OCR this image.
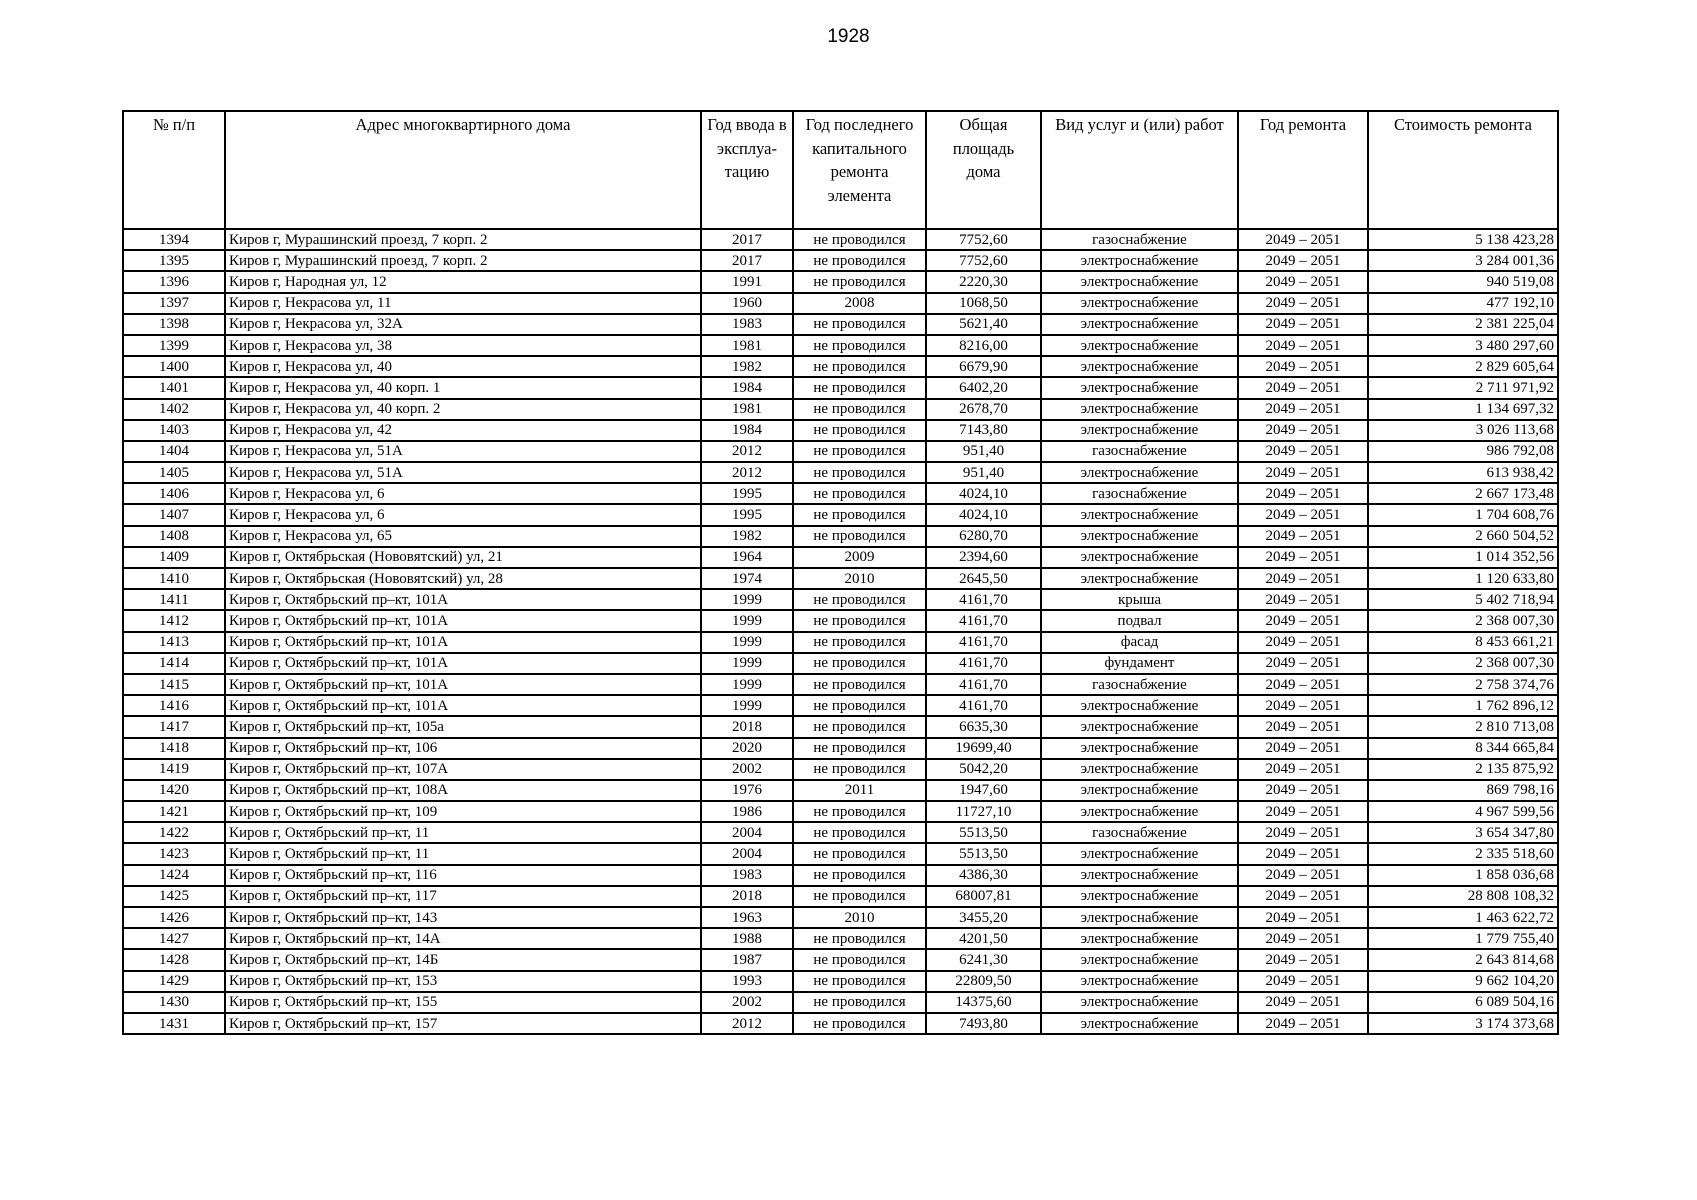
1928
№ п/п	Адрес многоквартирного дома	Год ввода в эксплуа-тацию	Год последнего капитального ремонта элемента	Общая площадь дома	Вид услуг и (или) работ	Год ремонта	Стоимость ремонта
1394	Киров г, Мурашинский проезд, 7 корп. 2	2017	не проводился	7752,60	газоснабжение	2049 – 2051	5 138 423,28
1395	Киров г, Мурашинский проезд, 7 корп. 2	2017	не проводился	7752,60	электроснабжение	2049 – 2051	3 284 001,36
1396	Киров г, Народная ул, 12	1991	не проводился	2220,30	электроснабжение	2049 – 2051	940 519,08
1397	Киров г, Некрасова ул, 11	1960	2008	1068,50	электроснабжение	2049 – 2051	477 192,10
1398	Киров г, Некрасова ул, 32А	1983	не проводился	5621,40	электроснабжение	2049 – 2051	2 381 225,04
1399	Киров г, Некрасова ул, 38	1981	не проводился	8216,00	электроснабжение	2049 – 2051	3 480 297,60
1400	Киров г, Некрасова ул, 40	1982	не проводился	6679,90	электроснабжение	2049 – 2051	2 829 605,64
1401	Киров г, Некрасова ул, 40 корп. 1	1984	не проводился	6402,20	электроснабжение	2049 – 2051	2 711 971,92
1402	Киров г, Некрасова ул, 40 корп. 2	1981	не проводился	2678,70	электроснабжение	2049 – 2051	1 134 697,32
1403	Киров г, Некрасова ул, 42	1984	не проводился	7143,80	электроснабжение	2049 – 2051	3 026 113,68
1404	Киров г, Некрасова ул, 51А	2012	не проводился	951,40	газоснабжение	2049 – 2051	986 792,08
1405	Киров г, Некрасова ул, 51А	2012	не проводился	951,40	электроснабжение	2049 – 2051	613 938,42
1406	Киров г, Некрасова ул, 6	1995	не проводился	4024,10	газоснабжение	2049 – 2051	2 667 173,48
1407	Киров г, Некрасова ул, 6	1995	не проводился	4024,10	электроснабжение	2049 – 2051	1 704 608,76
1408	Киров г, Некрасова ул, 65	1982	не проводился	6280,70	электроснабжение	2049 – 2051	2 660 504,52
1409	Киров г, Октябрьская (Нововятский) ул, 21	1964	2009	2394,60	электроснабжение	2049 – 2051	1 014 352,56
1410	Киров г, Октябрьская (Нововятский) ул, 28	1974	2010	2645,50	электроснабжение	2049 – 2051	1 120 633,80
1411	Киров г, Октябрьский пр–кт, 101А	1999	не проводился	4161,70	крыша	2049 – 2051	5 402 718,94
1412	Киров г, Октябрьский пр–кт, 101А	1999	не проводился	4161,70	подвал	2049 – 2051	2 368 007,30
1413	Киров г, Октябрьский пр–кт, 101А	1999	не проводился	4161,70	фасад	2049 – 2051	8 453 661,21
1414	Киров г, Октябрьский пр–кт, 101А	1999	не проводился	4161,70	фундамент	2049 – 2051	2 368 007,30
1415	Киров г, Октябрьский пр–кт, 101А	1999	не проводился	4161,70	газоснабжение	2049 – 2051	2 758 374,76
1416	Киров г, Октябрьский пр–кт, 101А	1999	не проводился	4161,70	электроснабжение	2049 – 2051	1 762 896,12
1417	Киров г, Октябрьский пр–кт, 105а	2018	не проводился	6635,30	электроснабжение	2049 – 2051	2 810 713,08
1418	Киров г, Октябрьский пр–кт, 106	2020	не проводился	19699,40	электроснабжение	2049 – 2051	8 344 665,84
1419	Киров г, Октябрьский пр–кт, 107А	2002	не проводился	5042,20	электроснабжение	2049 – 2051	2 135 875,92
1420	Киров г, Октябрьский пр–кт, 108А	1976	2011	1947,60	электроснабжение	2049 – 2051	869 798,16
1421	Киров г, Октябрьский пр–кт, 109	1986	не проводился	11727,10	электроснабжение	2049 – 2051	4 967 599,56
1422	Киров г, Октябрьский пр–кт, 11	2004	не проводился	5513,50	газоснабжение	2049 – 2051	3 654 347,80
1423	Киров г, Октябрьский пр–кт, 11	2004	не проводился	5513,50	электроснабжение	2049 – 2051	2 335 518,60
1424	Киров г, Октябрьский пр–кт, 116	1983	не проводился	4386,30	электроснабжение	2049 – 2051	1 858 036,68
1425	Киров г, Октябрьский пр–кт, 117	2018	не проводился	68007,81	электроснабжение	2049 – 2051	28 808 108,32
1426	Киров г, Октябрьский пр–кт, 143	1963	2010	3455,20	электроснабжение	2049 – 2051	1 463 622,72
1427	Киров г, Октябрьский пр–кт, 14А	1988	не проводился	4201,50	электроснабжение	2049 – 2051	1 779 755,40
1428	Киров г, Октябрьский пр–кт, 14Б	1987	не проводился	6241,30	электроснабжение	2049 – 2051	2 643 814,68
1429	Киров г, Октябрьский пр–кт, 153	1993	не проводился	22809,50	электроснабжение	2049 – 2051	9 662 104,20
1430	Киров г, Октябрьский пр–кт, 155	2002	не проводился	14375,60	электроснабжение	2049 – 2051	6 089 504,16
1431	Киров г, Октябрьский пр–кт, 157	2012	не проводился	7493,80	электроснабжение	2049 – 2051	3 174 373,68
